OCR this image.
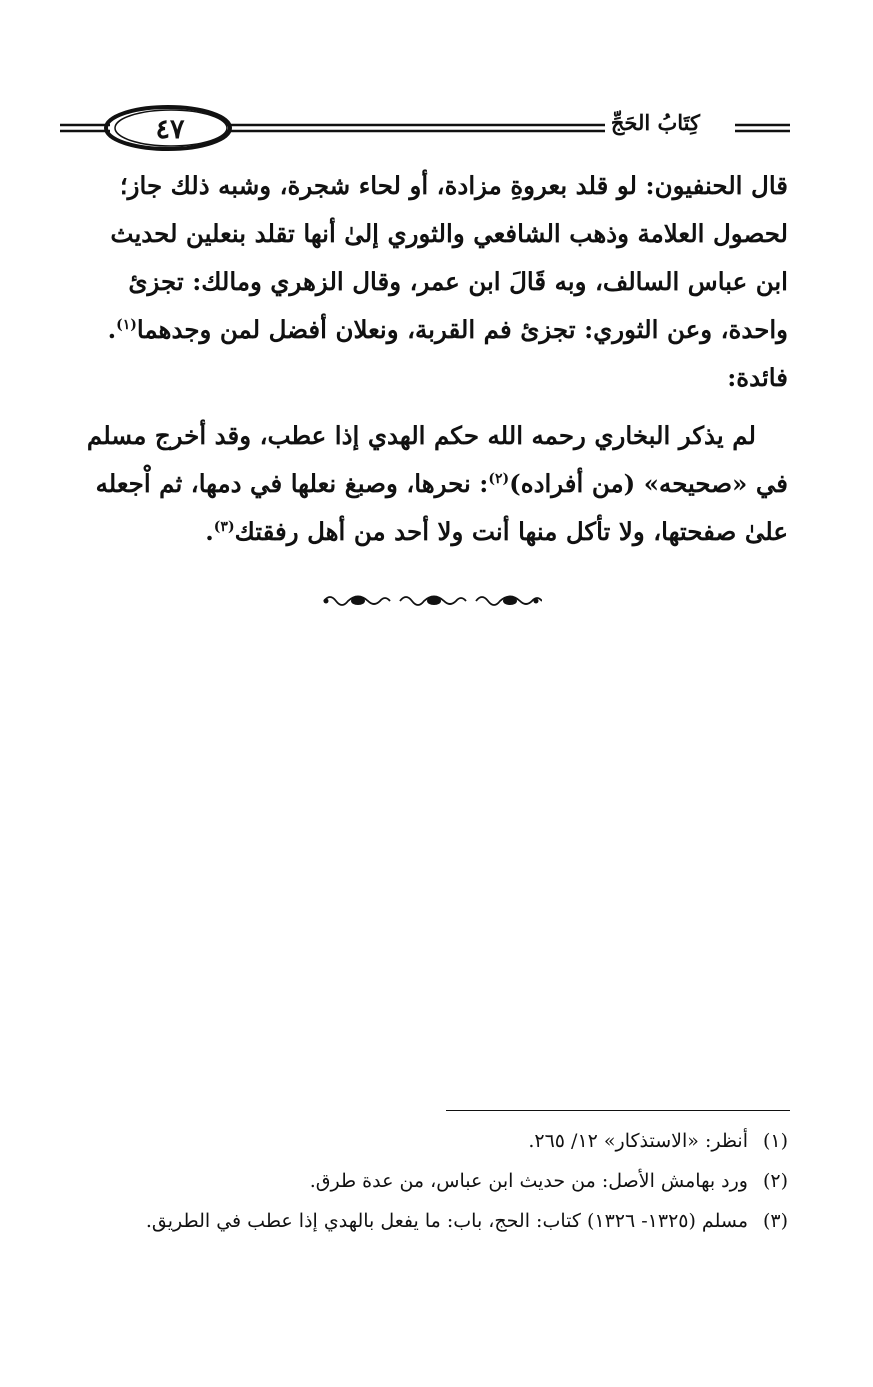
٤٧	كِتَابُ الحَجِّ
قال الحنفيون: لو قلد بعروةِ مزادة، أو لحاء شجرة، وشبه ذلك جاز؛
لحصول العلامة وذهب الشافعي والثوري إلىٰ أنها تقلد بنعلين لحديث
ابن عباس السالف، وبه قَالَ ابن عمر، وقال الزهري ومالك: تجزئ
واحدة، وعن الثوري: تجزئ فم القربة، ونعلان أفضل لمن وجدهما$^{(١)}$.
فائدة:
لم يذكر البخاري رحمه الله حكم الهدي إذا عطب، وقد أخرج مسلم
في «صحيحه» (من أفراده)$^{(٢)}$: نحرها، وصبغ نعلها في دمها، ثم اْجعله
علىٰ صفحتها، ولا تأكل منها أنت ولا أحد من أهل رفقتك$^{(٣)}$.
(١)
أنظر: «الاستذكار» ١٢/ ٢٦٥.
(٢)
ورد بهامش الأصل: من حديث ابن عباس، من عدة طرق.
(٣)
مسلم (١٣٢٥- ١٣٢٦) كتاب: الحج، باب: ما يفعل بالهدي إذا عطب في الطريق.
